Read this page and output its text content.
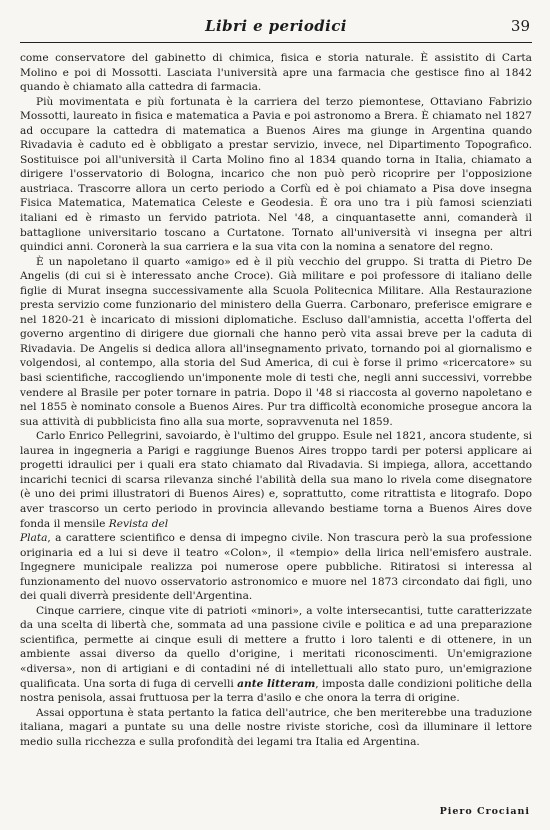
Libri e periodici	39

come conservatore del gabinetto di chimica, fisica e storia naturale. È assistito di Carta Molino e poi di Mossotti. Lasciata l'università apre una farmacia che gestisce fino al 1842 quando è chiamato alla cattedra di farmacia.

Più movimentata e più fortunata è la carriera del terzo piemontese, Ottaviano Fabrizio Mossotti, laureato in fisica e matematica a Pavia e poi astronomo a Brera. È chiamato nel 1827 ad occupare la cattedra di matematica a Buenos Aires ma giunge in Argentina quando Rivadavia è caduto ed è obbligato a prestar servizio, invece, nel Dipartimento Topografico. Sostituisce poi all'università il Carta Molino fino al 1834 quando torna in Italia, chiamato a dirigere l'osservatorio di Bologna, incarico che non può però ricoprire per l'opposizione austriaca. Trascorre allora un certo periodo a Corfù ed è poi chiamato a Pisa dove insegna Fisica Matematica, Matematica Celeste e Geodesia. È ora uno tra i più famosi scienziati italiani ed è rimasto un fervido patriota. Nel '48, a cinquantasette anni, comanderà il battaglione universitario toscano a Curtatone. Tornato all'università vi insegna per altri quindici anni. Coronerà la sua carriera e la sua vita con la nomina a senatore del regno.

È un napoletano il quarto «amigo» ed è il più vecchio del gruppo. Si tratta di Pietro De Angelis (di cui si è interessato anche Croce). Già militare e poi professore di italiano delle figlie di Murat insegna successivamente alla Scuola Politecnica Militare. Alla Restaurazione presta servizio come funzionario del ministero della Guerra. Carbonaro, preferisce emigrare e nel 1820-21 è incaricato di missioni diplomatiche. Escluso dall'amnistia, accetta l'offerta del governo argentino di dirigere due giornali che hanno però vita assai breve per la caduta di Rivadavia. De Angelis si dedica allora all'insegnamento privato, tornando poi al giornalismo e volgendosi, al contempo, alla storia del Sud America, di cui è forse il primo «ricercatore» su basi scientifiche, raccogliendo un'imponente mole di testi che, negli anni successivi, vorrebbe vendere al Brasile per poter tornare in patria. Dopo il '48 si riaccosta al governo napoletano e nel 1855 è nominato console a Buenos Aires. Pur tra difficoltà economiche prosegue ancora la sua attività di pubblicista fino alla sua morte, sopravvenuta nel 1859.

Carlo Enrico Pellegrini, savoiardo, è l'ultimo del gruppo. Esule nel 1821, ancora studente, si laurea in ingegneria a Parigi e raggiunge Buenos Aires troppo tardi per potersi applicare ai progetti idraulici per i quali era stato chiamato dal Rivadavia. Si impiega, allora, accettando incarichi tecnici di scarsa rilevanza sinché l'abilità della sua mano lo rivela come disegnatore (è uno dei primi illustratori di Buenos Aires) e, soprattutto, come ritrattista e litografo. Dopo aver trascorso un certo periodo in provincia allevando bestiame torna a Buenos Aires dove fonda il mensile Revista del
Plata, a carattere scientifico e densa di impegno civile. Non trascura però la sua professione originaria ed a lui si deve il teatro «Colon», il «tempio» della lirica nell'emisfero australe. Ingegnere municipale realizza poi numerose opere pubbliche. Ritiratosi si interessa al funzionamento del nuovo osservatorio astronomico e muore nel 1873 circondato dai figli, uno dei quali diverrà presidente dell'Argentina.

Cinque carriere, cinque vite di patrioti «minori», a volte intersecantisi, tutte caratterizzate da una scelta di libertà che, sommata ad una passione civile e politica e ad una preparazione scientifica, permette ai cinque esuli di mettere a frutto i loro talenti e di ottenere, in un ambiente assai diverso da quello d'origine, i meritati riconoscimenti. Un'emigrazione «diversa», non di artigiani e di contadini né di intellettuali allo stato puro, un'emigrazione qualificata. Una sorta di fuga di cervelli ante litteram, imposta dalle condizioni politiche della nostra penisola, assai fruttuosa per la terra d'asilo e che onora la terra di origine.

Assai opportuna è stata pertanto la fatica dell'autrice, che ben meriterebbe una traduzione italiana, magari a puntate su una delle nostre riviste storiche, così da illuminare il lettore medio sulla ricchezza e sulla profondità dei legami tra Italia ed Argentina.

Piero Crociani
